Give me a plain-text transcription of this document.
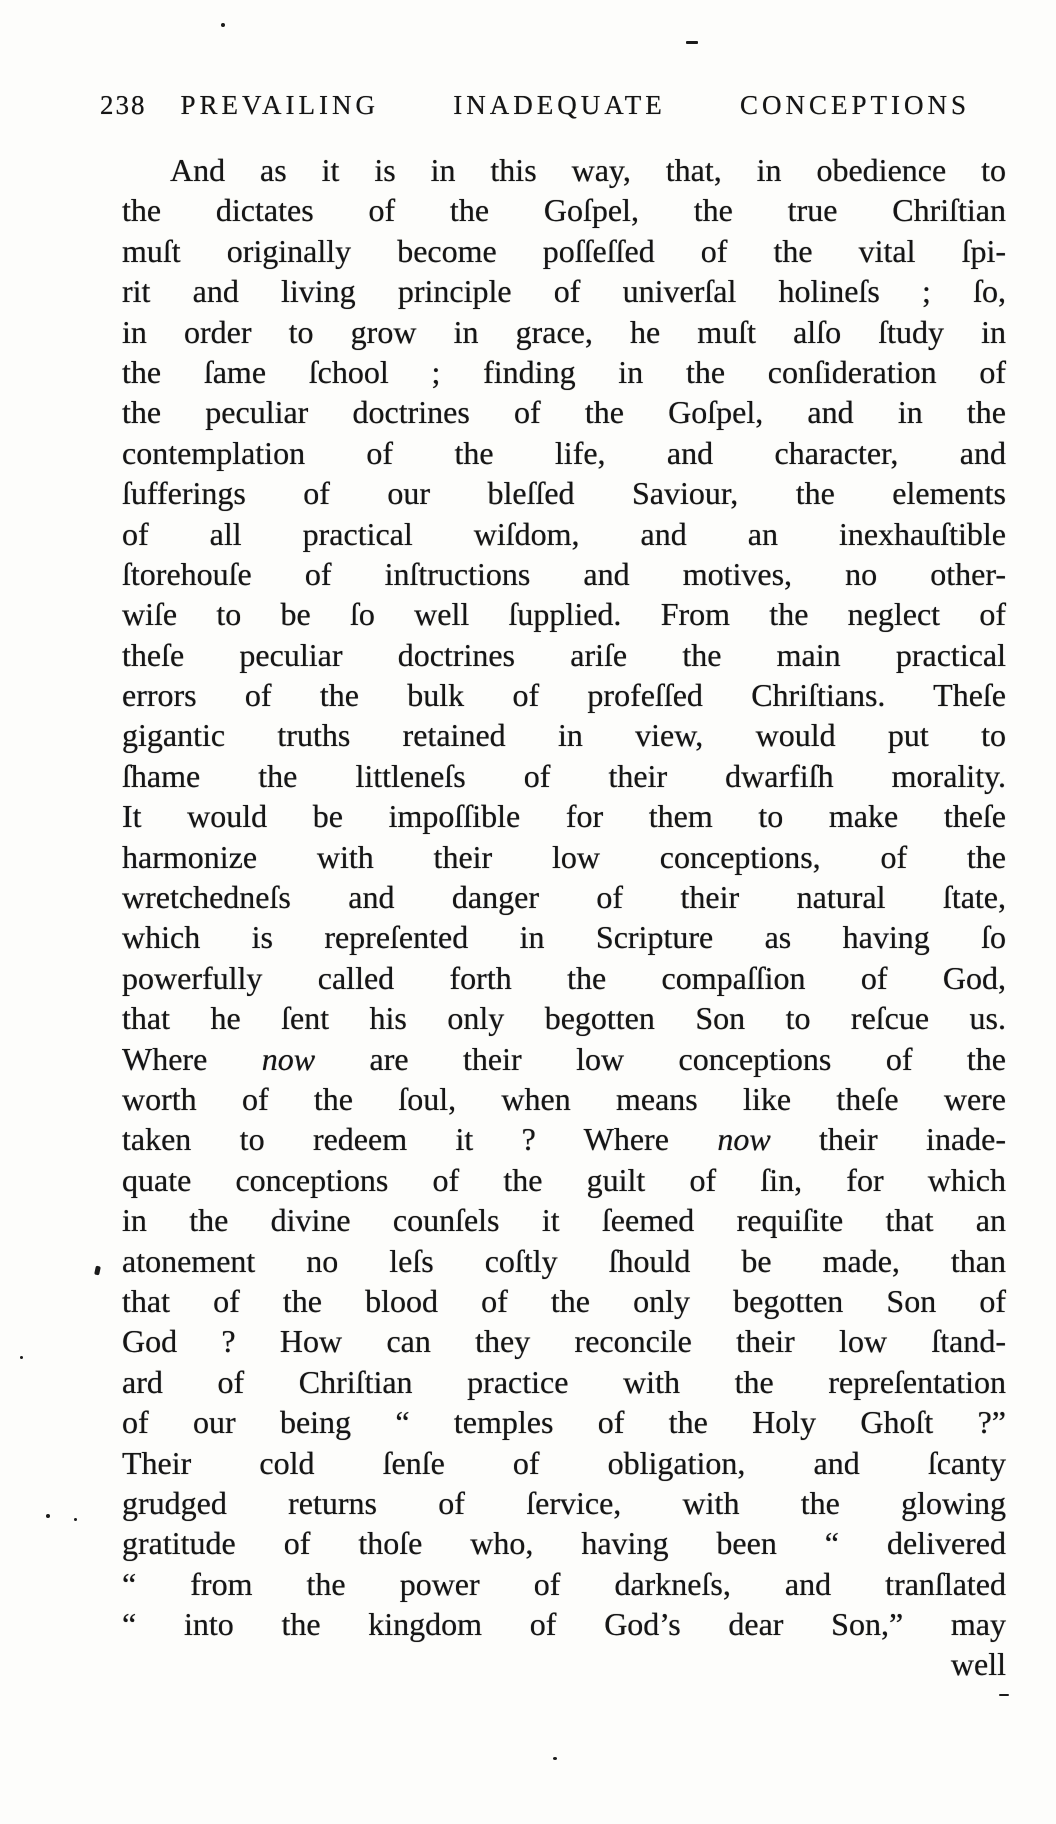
238 PREVAILING INADEQUATE CONCEPTIONS
And as it is in this way, that, in obedience to
the dictates of the Goſpel, the true Chriſtian
muſt originally become poſſeſſed of the vital ſpi-
rit and living principle of univerſal holineſs ; ſo,
in order to grow in grace, he muſt alſo ſtudy in
the ſame ſchool ; finding in the conſideration of
the peculiar doctrines of the Goſpel, and in the
contemplation of the life, and character, and
ſufferings of our bleſſed Saviour, the elements
of all practical wiſdom, and an inexhauſtible
ſtorehouſe of inſtructions and motives, no other-
wiſe to be ſo well ſupplied. From the neglect of
theſe peculiar doctrines ariſe the main practical
errors of the bulk of profeſſed Chriſtians. Theſe
gigantic truths retained in view, would put to
ſhame the littleneſs of their dwarfiſh morality.
It would be impoſſible for them to make theſe
harmonize with their low conceptions, of the
wretchedneſs and danger of their natural ſtate,
which is repreſented in Scripture as having ſo
powerfully called forth the compaſſion of God,
that he ſent his only begotten Son to reſcue us.
Where now are their low conceptions of the
worth of the ſoul, when means like theſe were
taken to redeem it ? Where now their inade-
quate conceptions of the guilt of ſin, for which
in the divine counſels it ſeemed requiſite that an
atonement no leſs coſtly ſhould be made, than
that of the blood of the only begotten Son of
God ? How can they reconcile their low ſtand-
ard of Chriſtian practice with the repreſentation
of our being “ temples of the Holy Ghoſt ?”
Their cold ſenſe of obligation, and ſcanty
grudged returns of ſervice, with the glowing
gratitude of thoſe who, having been “ delivered
“ from the power of darkneſs, and tranſlated
“ into the kingdom of God’s dear Son,” may
well
